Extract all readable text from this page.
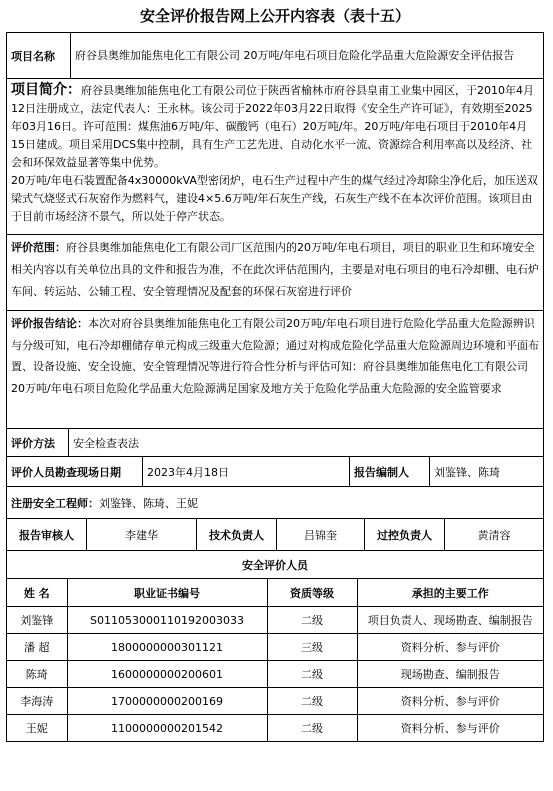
安全评价报告网上公开内容表（表十五）
项目名称	府谷县奥维加能焦电化工有限公司 20万吨/年电石项目危险化学品重大危险源安全评估报告
项目简介：府谷县奥维加能焦电化工有限公司位于陕西省榆林市府谷县皇甫工业集中园区，于2010年4月12日注册成立，法定代表人：王永林。该公司于2022年03月22日取得《安全生产许可证》，有效期至2025年03月16日。许可范围：煤焦油6万吨/年、碳酸钙（电石）20万吨/年。20万吨/年电石项目于2010年4月15日建成。项目采用DCS集中控制，具有生产工艺先进、自动化水平一流、资源综合利用率高以及经济、社会和环保效益显著等集中优势。
20万吨/年电石装置配备4x30000kVA型密闭炉，电石生产过程中产生的煤气经过冷却除尘净化后，加压送双梁式气烧竖式石灰窑作为燃料气，建设4×5.6万吨/年石灰生产线，石灰生产线不在本次评价范围。该项目由于目前市场经济不景气，所以处于停产状态。
评价范围：府谷县奥维加能焦电化工有限公司厂区范围内的20万吨/年电石项目，项目的职业卫生和环境安全相关内容以有关单位出具的文件和报告为准，不在此次评估范围内，主要是对电石项目的电石冷却棚、电石炉车间、转运站、公辅工程、安全管理情况及配套的环保石灰窑进行评价
评价报告结论：本次对府谷县奥维加能焦电化工有限公司20万吨/年电石项目进行危险化学品重大危险源辨识与分级可知，电石冷却棚储存单元构成三级重大危险源；通过对构成危险化学品重大危险源周边环境和平面布置、设备设施、安全设施、安全管理情况等进行符合性分析与评估可知：府谷县奥维加能焦电化工有限公司20万吨/年电石项目危险化学品重大危险源满足国家及地方关于危险化学品重大危险源的安全监管要求
评价方法	安全检查表法
评价人员勘查现场日期	2023年4月18日	报告编制人	刘鉴锋、陈琦
注册安全工程师： 刘鉴锋、陈琦、王妮
报告审核人	李建华	技术负责人	吕锦奎	过控负责人	黄清容
安全评价人员
姓 名	职业证书编号	资质等级	承担的主要工作
刘鉴锋	S011053000110192003033	二级	项目负责人、现场勘查、编制报告
潘 超	1800000000301121	三级	资料分析、参与评价
陈琦	1600000000200601	二级	现场勘查、编制报告
李海涛	1700000000200169	二级	资料分析、参与评价
王妮	1100000000201542	二级	资料分析、参与评价
